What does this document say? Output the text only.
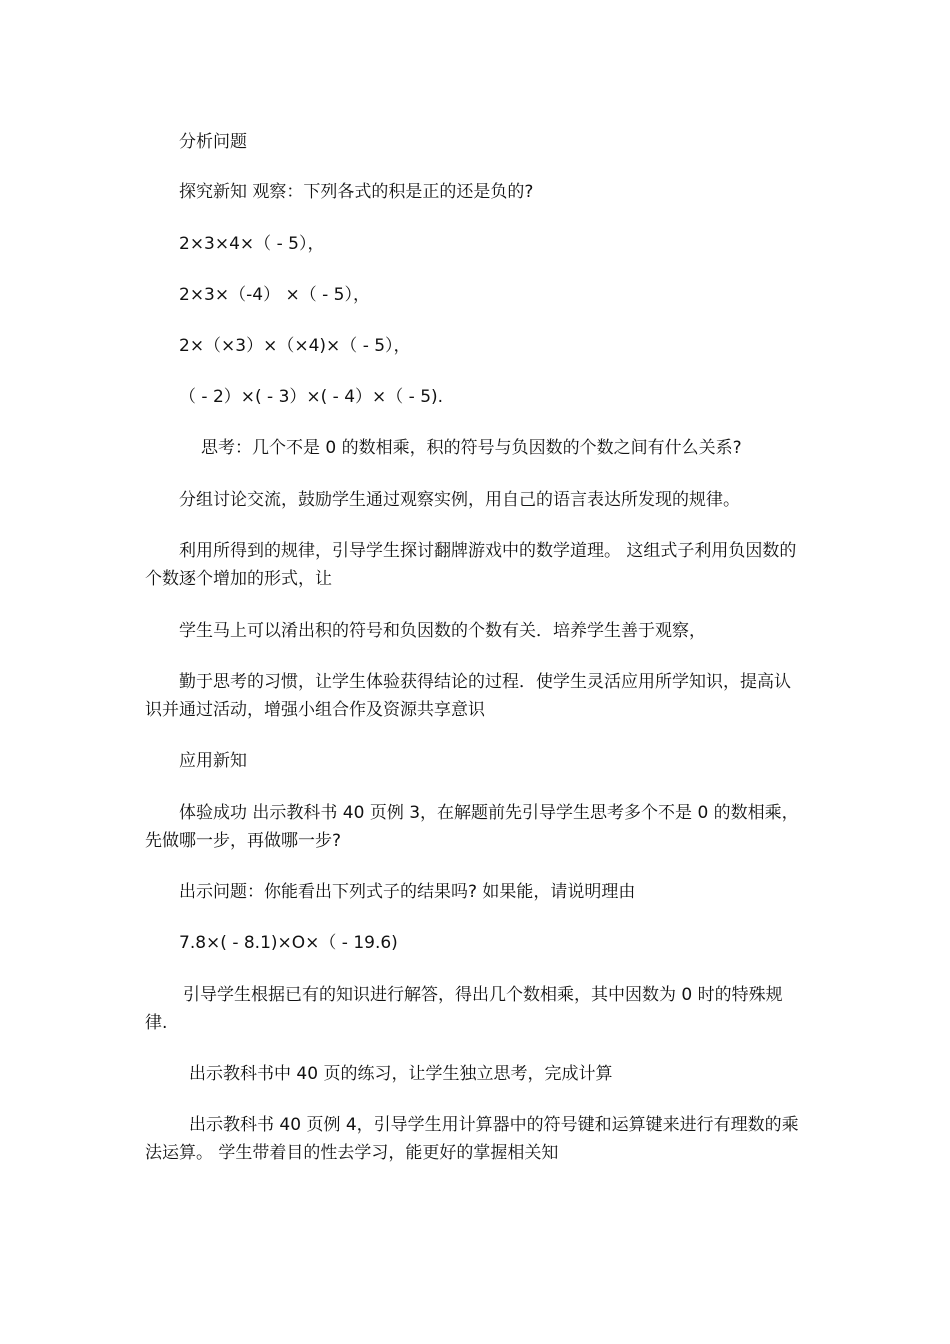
分析问题

探究新知 观察：下列各式的积是正的还是负的?

2×3×4×（ - 5），

2×3×（-4） ×（ - 5），

2×（×3）×（×4)×（ - 5），

（ - 2）×( - 3）×( - 4）×（ - 5).

思考：几个不是 0 的数相乘，积的符号与负因数的个数之间有什么关系?

分组讨论交流，鼓励学生通过观察实例，用自己的语言表达所发现的规律。

利用所得到的规律，引导学生探讨翻牌游戏中的数学道理。 这组式子利用负因数的个数逐个增加的形式，让

学生马上可以淆出积的符号和负因数的个数有关．培养学生善于观察，

勤于思考的习惯，让学生体验获得结论的过程．使学生灵活应用所学知识，提高认识并通过活动，增强小组合作及资源共享意识

应用新知

体验成功 出示教科书 40 页例 3，在解题前先引导学生思考多个不是 0 的数相乘，先做哪一步，再做哪一步?

出示问题：你能看出下列式子的结果吗? 如果能，请说明理由

7.8×( - 8.1)×O×（ - 19.6)

引导学生根据已有的知识进行解答，得出几个数相乘，其中因数为 0 时的特殊规律.

出示教科书中 40 页的练习，让学生独立思考，完成计算

出示教科书 40 页例 4，引导学生用计算器中的符号键和运算键来进行有理数的乘法运算。 学生带着目的性去学习，能更好的掌握相关知
